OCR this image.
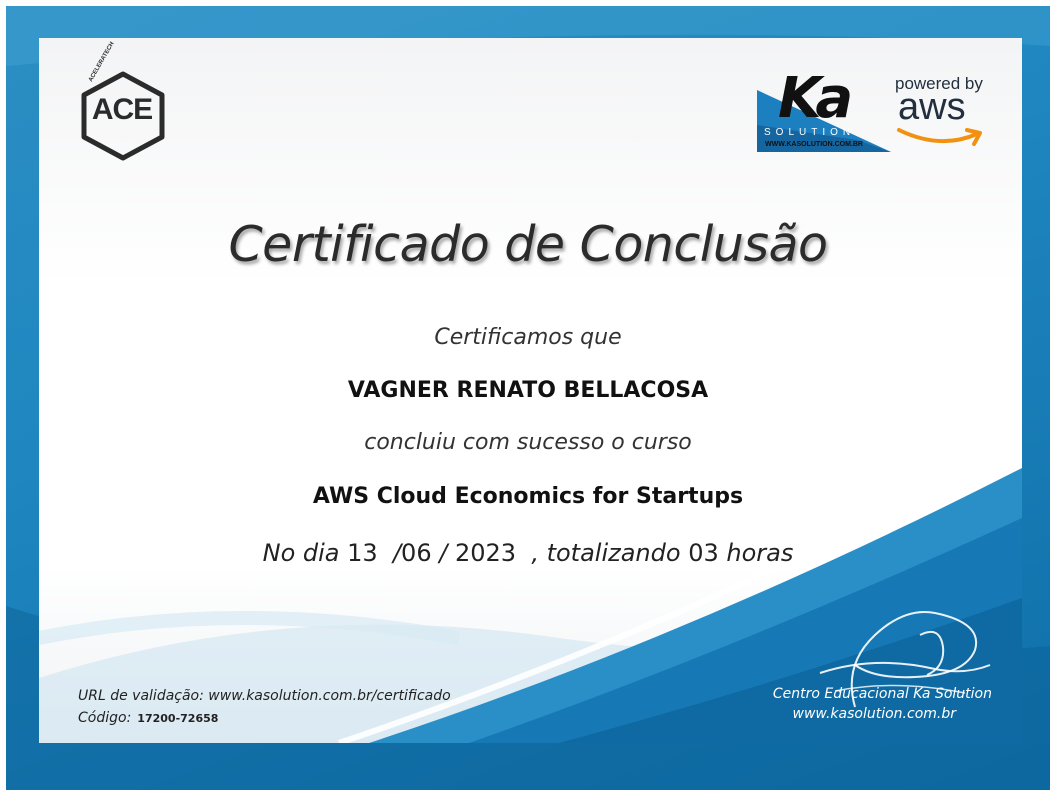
ACE
ACELERATECH
Ka
SOLUTION
WWW.KASOLUTION.COM.BR
powered by
aws
Certificado de Conclusão
Certificamos que
VAGNER RENATO BELLACOSA
concluiu com sucesso o curso
AWS Cloud Economics for Startups
No dia 13  /06 / 2023 , totalizando 03 horas
URL de validação: www.kasolution.com.br/certificado
Código: 17200-72658
Centro Educacional Ka Solution
www.kasolution.com.br
